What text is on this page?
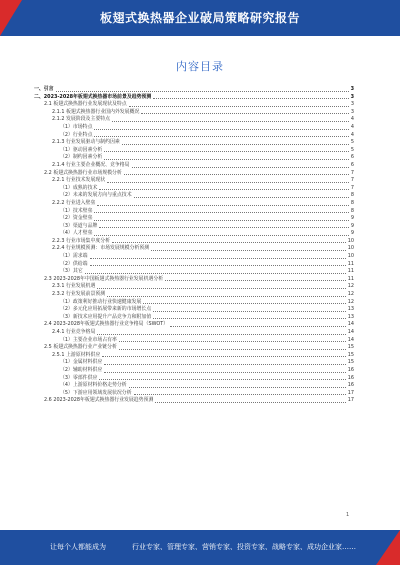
板翅式换热器企业破局策略研究报告
内容目录
一、引言	3
二、2023-2028年板翅式换热器市场前景及趋势预测	3
2.1 板翅式换热器行业发展现状及特点	3
2.1.1 板翅式换热器行业国内外发展概况	3
2.1.2 发展阶段及主要特点	4
（1）市场特点	4
（2）行业特点	4
2.1.3 行业发展驱动与制约因素	5
（1）驱动因素分析	5
（2）制约因素分析	6
2.1.4 行业主要企业概况、竞争格局	6
2.2 板翅式换热器行业市场规模分析	7
2.2.1 行业技术发展现状	7
（1）成熟的技术	7
（2）未来的发展方向与重点技术	8
2.2.2 行业进入壁垒	8
（1）技术壁垒	8
（2）资金壁垒	9
（3）渠道与品牌	9
（4）人才壁垒	9
2.2.3 行业市场集中度分析	10
2.2.4 行业规模预测：市场发展规模分析预测	10
（1）需求端	10
（2）供给端	11
（3）其它	11
2.3 2023-2028年中国板翅式换热器行业发展机遇分析	11
2.3.1 行业发展机遇	12
2.3.2 行业发展前景预测	12
（1）政策利好推动行业快速健康发展	12
（2）多元化应用拓展带来新的市场增长点	13
（3）新技术应用提升产品竞争力和附加值	13
2.4 2023-2028年板翅式换热器行业竞争格局（SWOT）	14
2.4.1 行业竞争格局	14
（1）主要企业市场占有率	14
2.5 板翅式换热器行业产业链分析	15
2.5.1 上游原材料供应	15
（1）金属材料供应	15
（2）辅助材料供应	16
（3）零部件供应	16
（4）上游原材料价格走势分析	16
（5）下游应用领域发展状况分析	17
2.6 2023-2028年板翅式换热器行业发展趋势预测	17
1
让每个人都能成为	行业专家、管理专家、营销专家、投资专家、战略专家、成功企业家……
